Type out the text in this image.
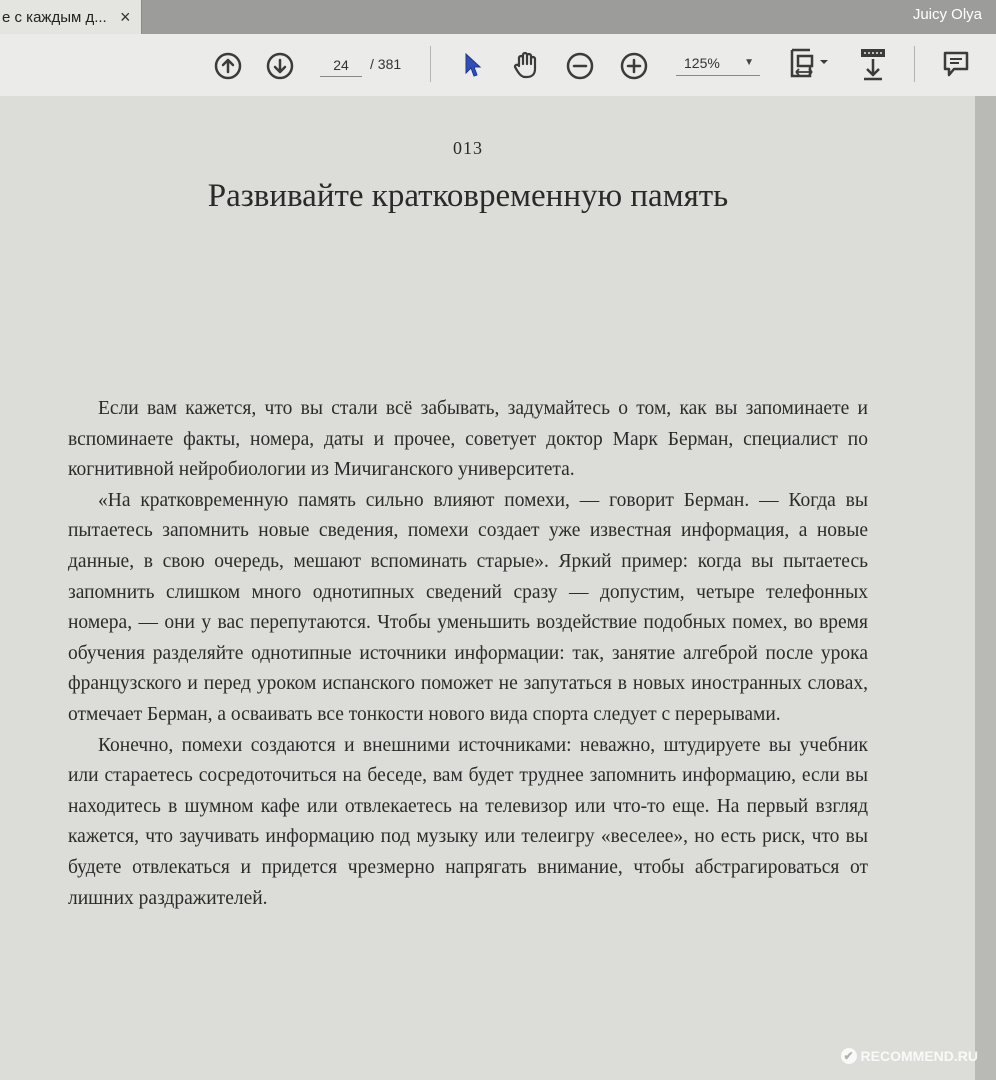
е с каждым д... ×	Juicy Olya
24
/ 381	125% ▼
013
Развивайте кратковременную память

Если вам кажется, что вы стали всё забывать, задумайтесь о том, как вы запоминаете и вспоминаете факты, номера, даты и прочее, советует доктор Марк Берман, специалист по когнитивной нейробиологии из Мичиганского университета.

«На кратковременную память сильно влияют помехи, — говорит Берман. — Когда вы пытаетесь запомнить новые сведения, помехи создает уже известная информация, а новые данные, в свою очередь, мешают вспоминать старые». Яркий пример: когда вы пытаетесь запомнить слишком много однотипных сведений сразу — допустим, четыре телефонных номера, — они у вас перепутаются. Чтобы уменьшить воздействие подобных помех, во время обучения разделяйте однотипные источники информации: так, занятие алгеброй после урока французского и перед уроком испанского поможет не запутаться в новых иностранных словах, отмечает Берман, а осваивать все тонкости нового вида спорта следует с перерывами.

Конечно, помехи создаются и внешними источниками: неважно, штудируете вы учебник или стараетесь сосредоточиться на беседе, вам будет труднее запомнить информацию, если вы находитесь в шумном кафе или отвлекаетесь на телевизор или что-то еще. На первый взгляд кажется, что заучивать информацию под музыку или телеигру «веселее», но есть риск, что вы будете отвлекаться и придется чрезмерно напрягать внимание, чтобы абстрагироваться от лишних раздражителей.

✔ RECOMMEND.RU
